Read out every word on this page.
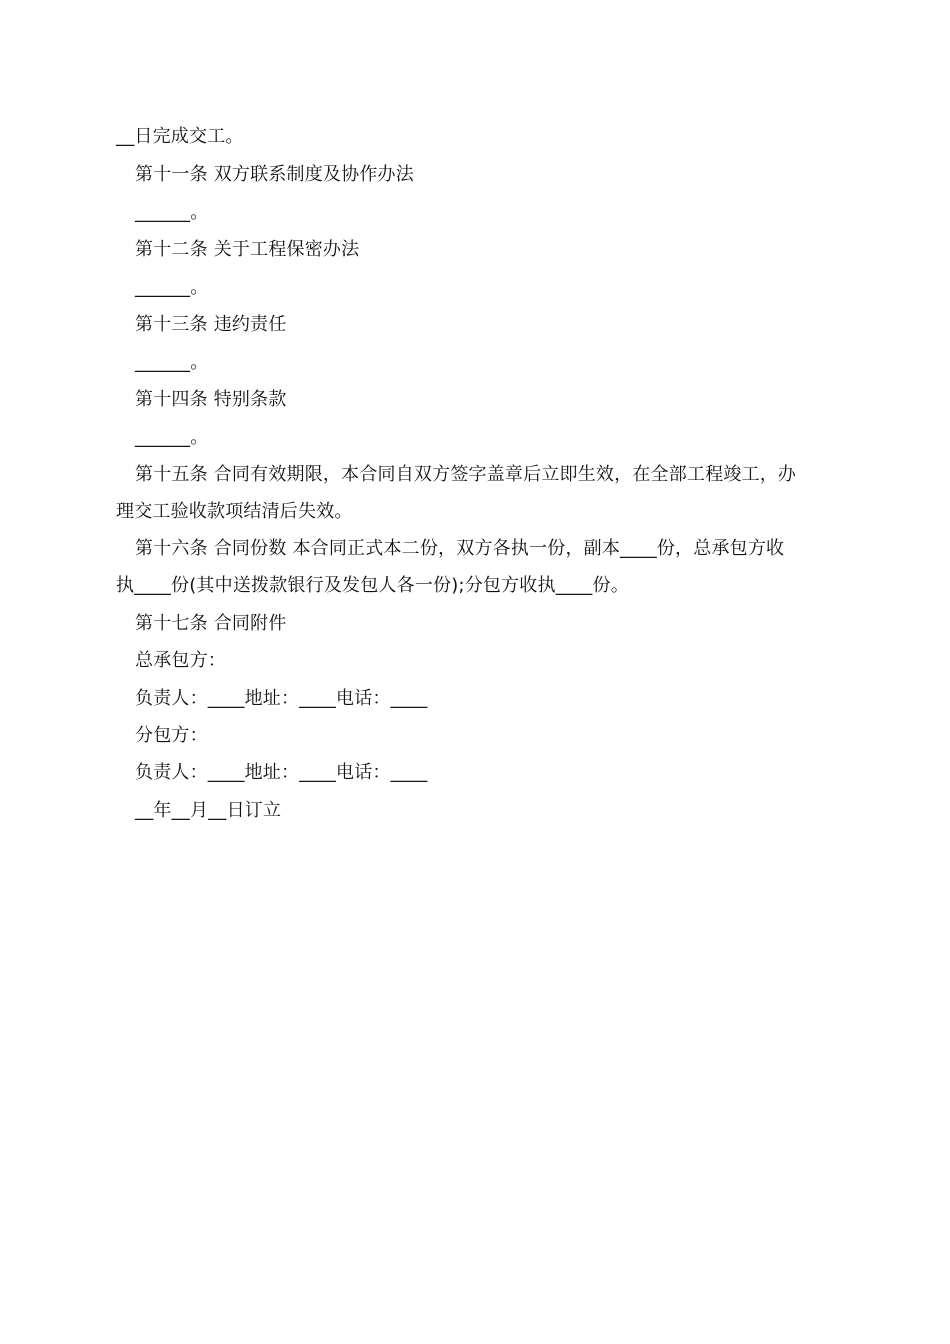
__日完成交工。
第十一条 双方联系制度及协作办法
______。
第十二条 关于工程保密办法
______。
第十三条 违约责任
______。
第十四条 特别条款
______。
第十五条 合同有效期限，本合同自双方签字盖章后立即生效，在全部工程竣工，办
理交工验收款项结清后失效。
第十六条 合同份数 本合同正式本二份，双方各执一份，副本____份，总承包方收
执____份(其中送拨款银行及发包人各一份);分包方收执____份。
第十七条 合同附件
总承包方：
负责人：____地址：____电话：____
分包方：
负责人：____地址：____电话：____
__年__月__日订立
